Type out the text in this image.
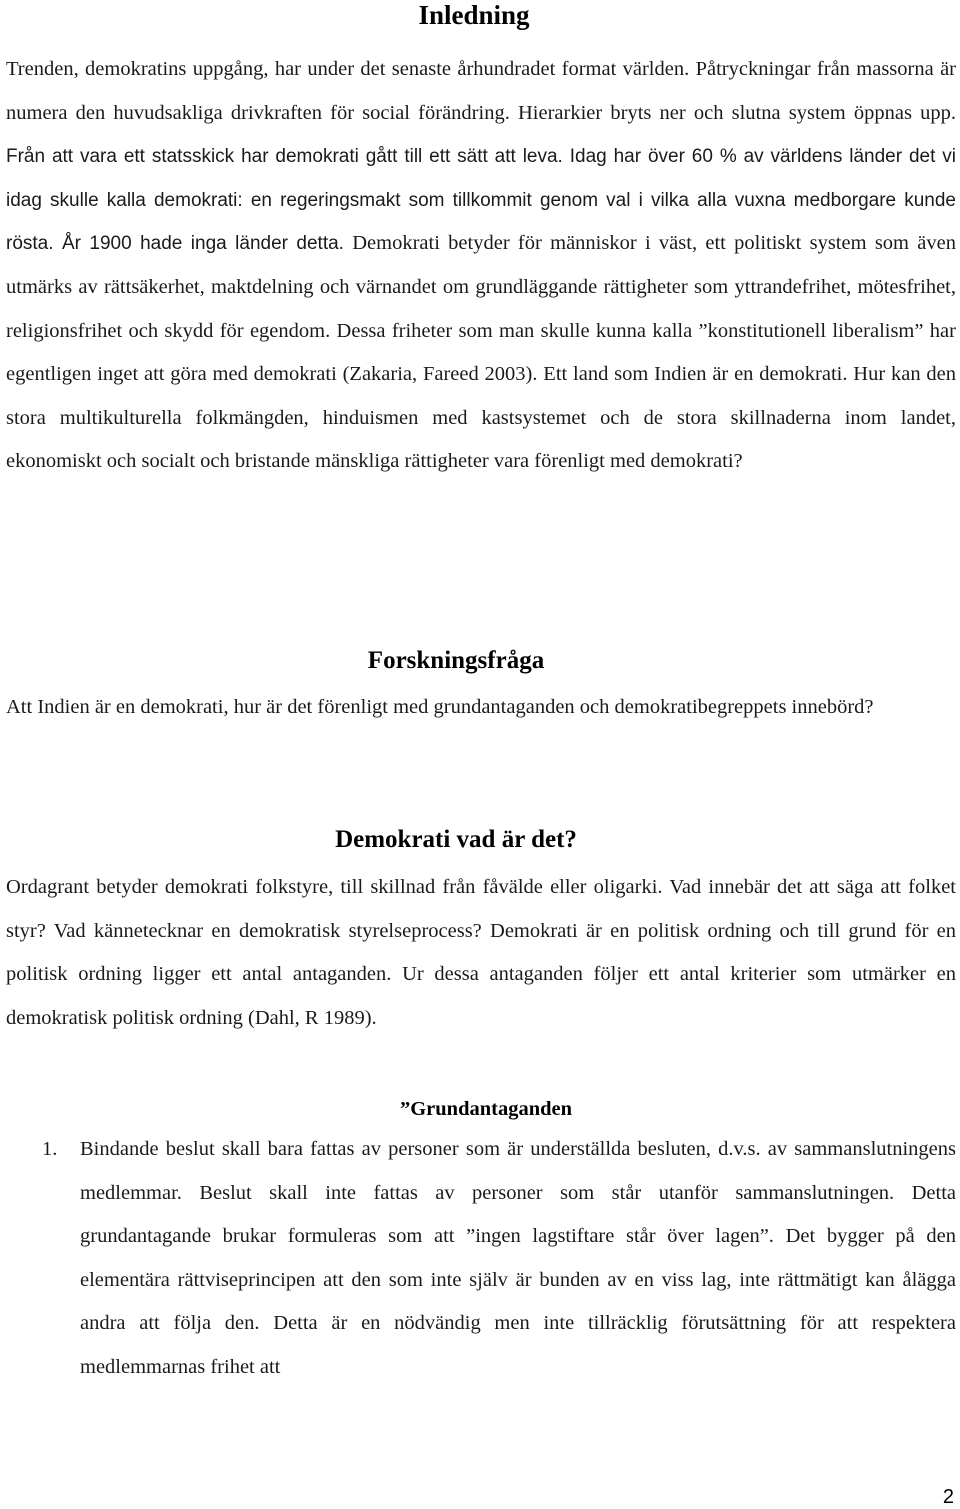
Inledning

Trenden, demokratins uppgång, har under det senaste århundradet format världen. Påtryckningar från massorna är numera den huvudsakliga drivkraften för social förändring. Hierarkier bryts ner och slutna system öppnas upp. Från att vara ett statsskick har demokrati gått till ett sätt att leva. Idag har över 60 % av världens länder det vi idag skulle kalla demokrati: en regeringsmakt som tillkommit genom val i vilka alla vuxna medborgare kunde rösta. År 1900 hade inga länder detta. Demokrati betyder för människor i väst, ett politiskt system som även utmärks av rättsäkerhet, maktdelning och värnandet om grundläggande rättigheter som yttrandefrihet, mötesfrihet, religionsfrihet och skydd för egendom. Dessa friheter som man skulle kunna kalla ”konstitutionell liberalism” har egentligen inget att göra med demokrati (Zakaria, Fareed 2003). Ett land som Indien är en demokrati. Hur kan den stora multikulturella folkmängden, hinduismen med kastsystemet och de stora skillnaderna inom landet, ekonomiskt och socialt och bristande mänskliga rättigheter vara förenligt med demokrati?

Forskningsfråga

Att Indien är en demokrati, hur är det förenligt med grundantaganden och demokratibegreppets innebörd?

Demokrati vad är det?

Ordagrant betyder demokrati folkstyre, till skillnad från fåvälde eller oligarki. Vad innebär det att säga att folket styr? Vad kännetecknar en demokratisk styrelseprocess? Demokrati är en politisk ordning och till grund för en politisk ordning ligger ett antal antaganden. Ur dessa antaganden följer ett antal kriterier som utmärker en demokratisk politisk ordning (Dahl, R 1989).

”Grundantaganden
1. Bindande beslut skall bara fattas av personer som är underställda besluten, d.v.s. av sammanslutningens medlemmar. Beslut skall inte fattas av personer som står utanför sammanslutningen. Detta grundantagande brukar formuleras som att ”ingen lagstiftare står över lagen”. Det bygger på den elementära rättviseprincipen att den som inte själv är bunden av en viss lag, inte rättmätigt kan ålägga andra att följa den. Detta är en nödvändig men inte tillräcklig förutsättning för att respektera medlemmarnas frihet att

2
